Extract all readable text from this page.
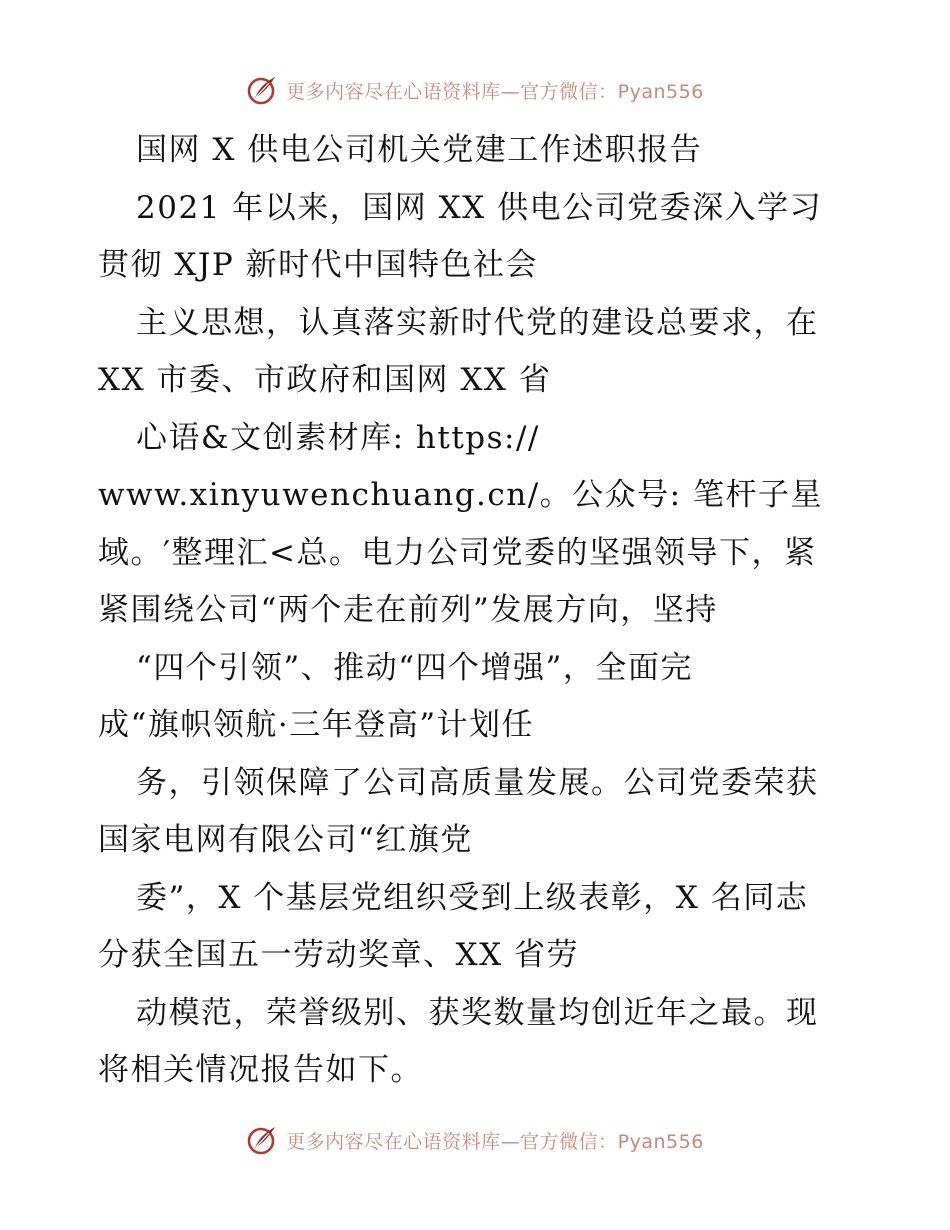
更多内容尽在心语资料库—官方微信：Pyan556
国网 X 供电公司机关党建工作述职报告
2021 年以来，国网 XX 供电公司党委深入学习
贯彻 XJP 新时代中国特色社会
主义思想，认真落实新时代党的建设总要求，在
XX 市委、市政府和国网 XX 省
心语&文创素材库: https://
www.xinyuwenchuang.cn/。公众号: 笔杆子星
域。′整理汇<总。电力公司党委的坚强领导下，紧
紧围绕公司“两个走在前列”发展方向，坚持
“四个引领”、推动“四个增强”，全面完
成“旗帜领航·三年登高”计划任
务，引领保障了公司高质量发展。公司党委荣获
国家电网有限公司“红旗党
委”，X 个基层党组织受到上级表彰，X 名同志
分获全国五一劳动奖章、XX 省劳
动模范，荣誉级别、获奖数量均创近年之最。现
将相关情况报告如下。
更多内容尽在心语资料库—官方微信：Pyan556
